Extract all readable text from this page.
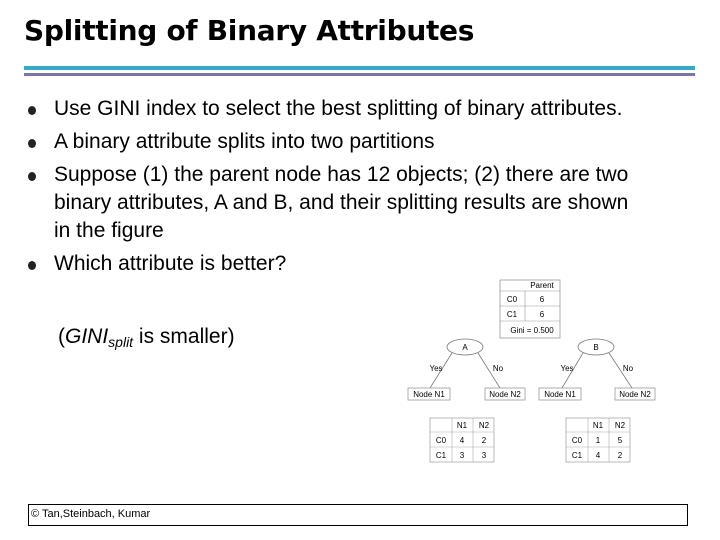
Splitting of Binary Attributes
Use GINI index to select the best splitting of binary attributes.
A binary attribute splits into two partitions
Suppose (1) the parent node has 12 objects; (2) there are two binary attributes, A and B, and their splitting results are shown in the figure
Which attribute is better?
($GINI_{split}$ is smaller)
Parent
C0	6
C1	6
Gini = 0.500
A
Yes	No
Node N1	Node N2
N1 N2
C0 4 2
C1 3 3
B
Yes	No
Node N1	Node N2
N1 N2
C0 1 5
C1 4 2
© Tan,Steinbach, Kumar
